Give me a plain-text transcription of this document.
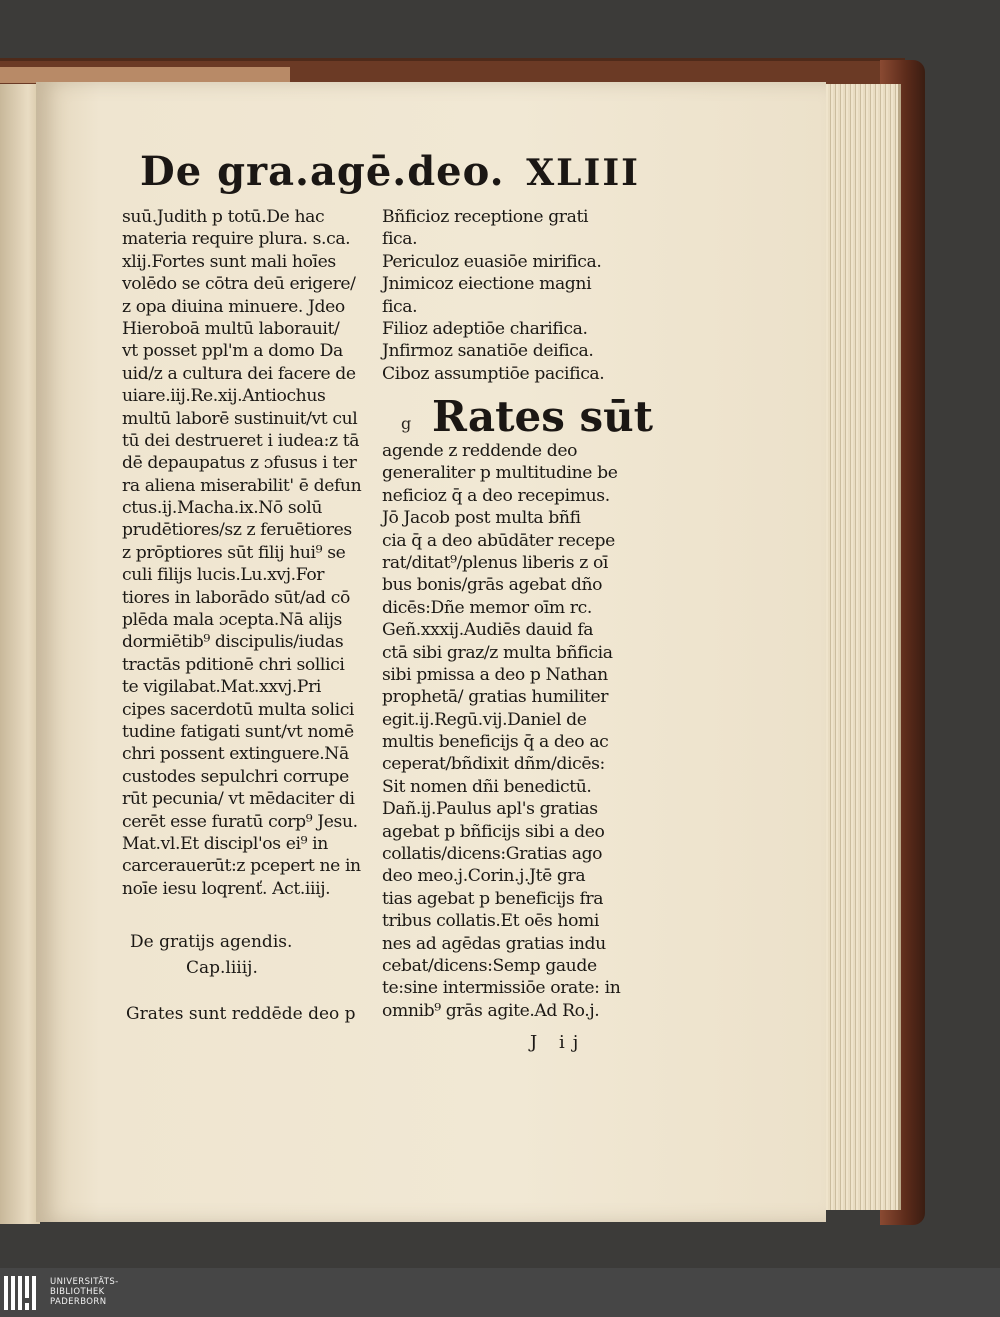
De gra.agē.deo. XLIII
suū.Judith p totū.De hac
materia require plura. s.ca.
xlij.Fortes sunt mali hoīes
volēdo se cōtra deū erigere/
z opa diuina minuere. Jdeo
Hieroboā multū laborauit/
vt posset ppl'm a domo Da
uid/z a cultura dei facere de
uiare.iij.Re.xij.Antiochus
multū laborē sustinuit/vt cul
tū dei destrueret i iudea:z tā
dē depaupatus z ɔfusus i ter
ra aliena miserabilit' ē defun
ctus.ij.Macha.ix.Nō solū
prudētiores/sz z feruētiores
z prōptiores sūt filij hui⁹ se
culi filijs lucis.Lu.xvj.For
tiores in laborādo sūt/ad cō
plēda mala ɔcepta.Nā alijs
dormiētib⁹ discipulis/iudas
tractās pditionē chri sollici
te vigilabat.Mat.xxvj.Pri
cipes sacerdotū multa solici
tudine fatigati sunt/vt nomē
chri possent extinguere.Nā
custodes sepulchri corrupe
rūt pecunia/ vt mēdaciter di
cerēt esse furatū corp⁹ Jesu.
Mat.vl.Et discipl'os ei⁹ in
carcerauerūt:z pcepert ne in
noīe iesu loqrenť. Act.iiij.
De gratijs agendis.
Cap.liiij.
Grates sunt reddēde deo p
Bñficioz receptione grati
fica.
Periculoz euasiōe mirifica.
Jnimicoz eiectione magni
fica.
Filioz adeptiōe charifica.
Jnfirmoz sanatiōe deifica.
Ciboz assumptiōe pacifica.
g Rates sūt
agende z reddende deo
generaliter p multitudine be
neficioz q̄ a deo recepimus.
Jō Jacob post multa bñfi
cia q̄ a deo abūdāter recepe
rat/ditat⁹/plenus liberis z oī
bus bonis/grās agebat dño
dicēs:Dñe memor oīm rc.
Geñ.xxxij.Audiēs dauid fa
ctā sibi graz/z multa bñficia
sibi pmissa a deo p Nathan
prophetā/ gratias humiliter
egit.ij.Regū.vij.Daniel de
multis beneficijs q̄ a deo ac
ceperat/bñdixit dñm/dicēs:
Sit nomen dñi benedictū.
Dañ.ij.Paulus apl's gratias
agebat p bñficijs sibi a deo
collatis/dicens:Gratias ago
deo meo.j.Corin.j.Jtē gra
tias agebat p beneficijs fra
tribus collatis.Et oēs homi
nes ad agēdas gratias indu
cebat/dicens:Semp gaude
te:sine intermissiōe orate: in
omnib⁹ grās agite.Ad Ro.j.
J ij
UNIVERSITÄTS-
BIBLIOTHEK
PADERBORN
